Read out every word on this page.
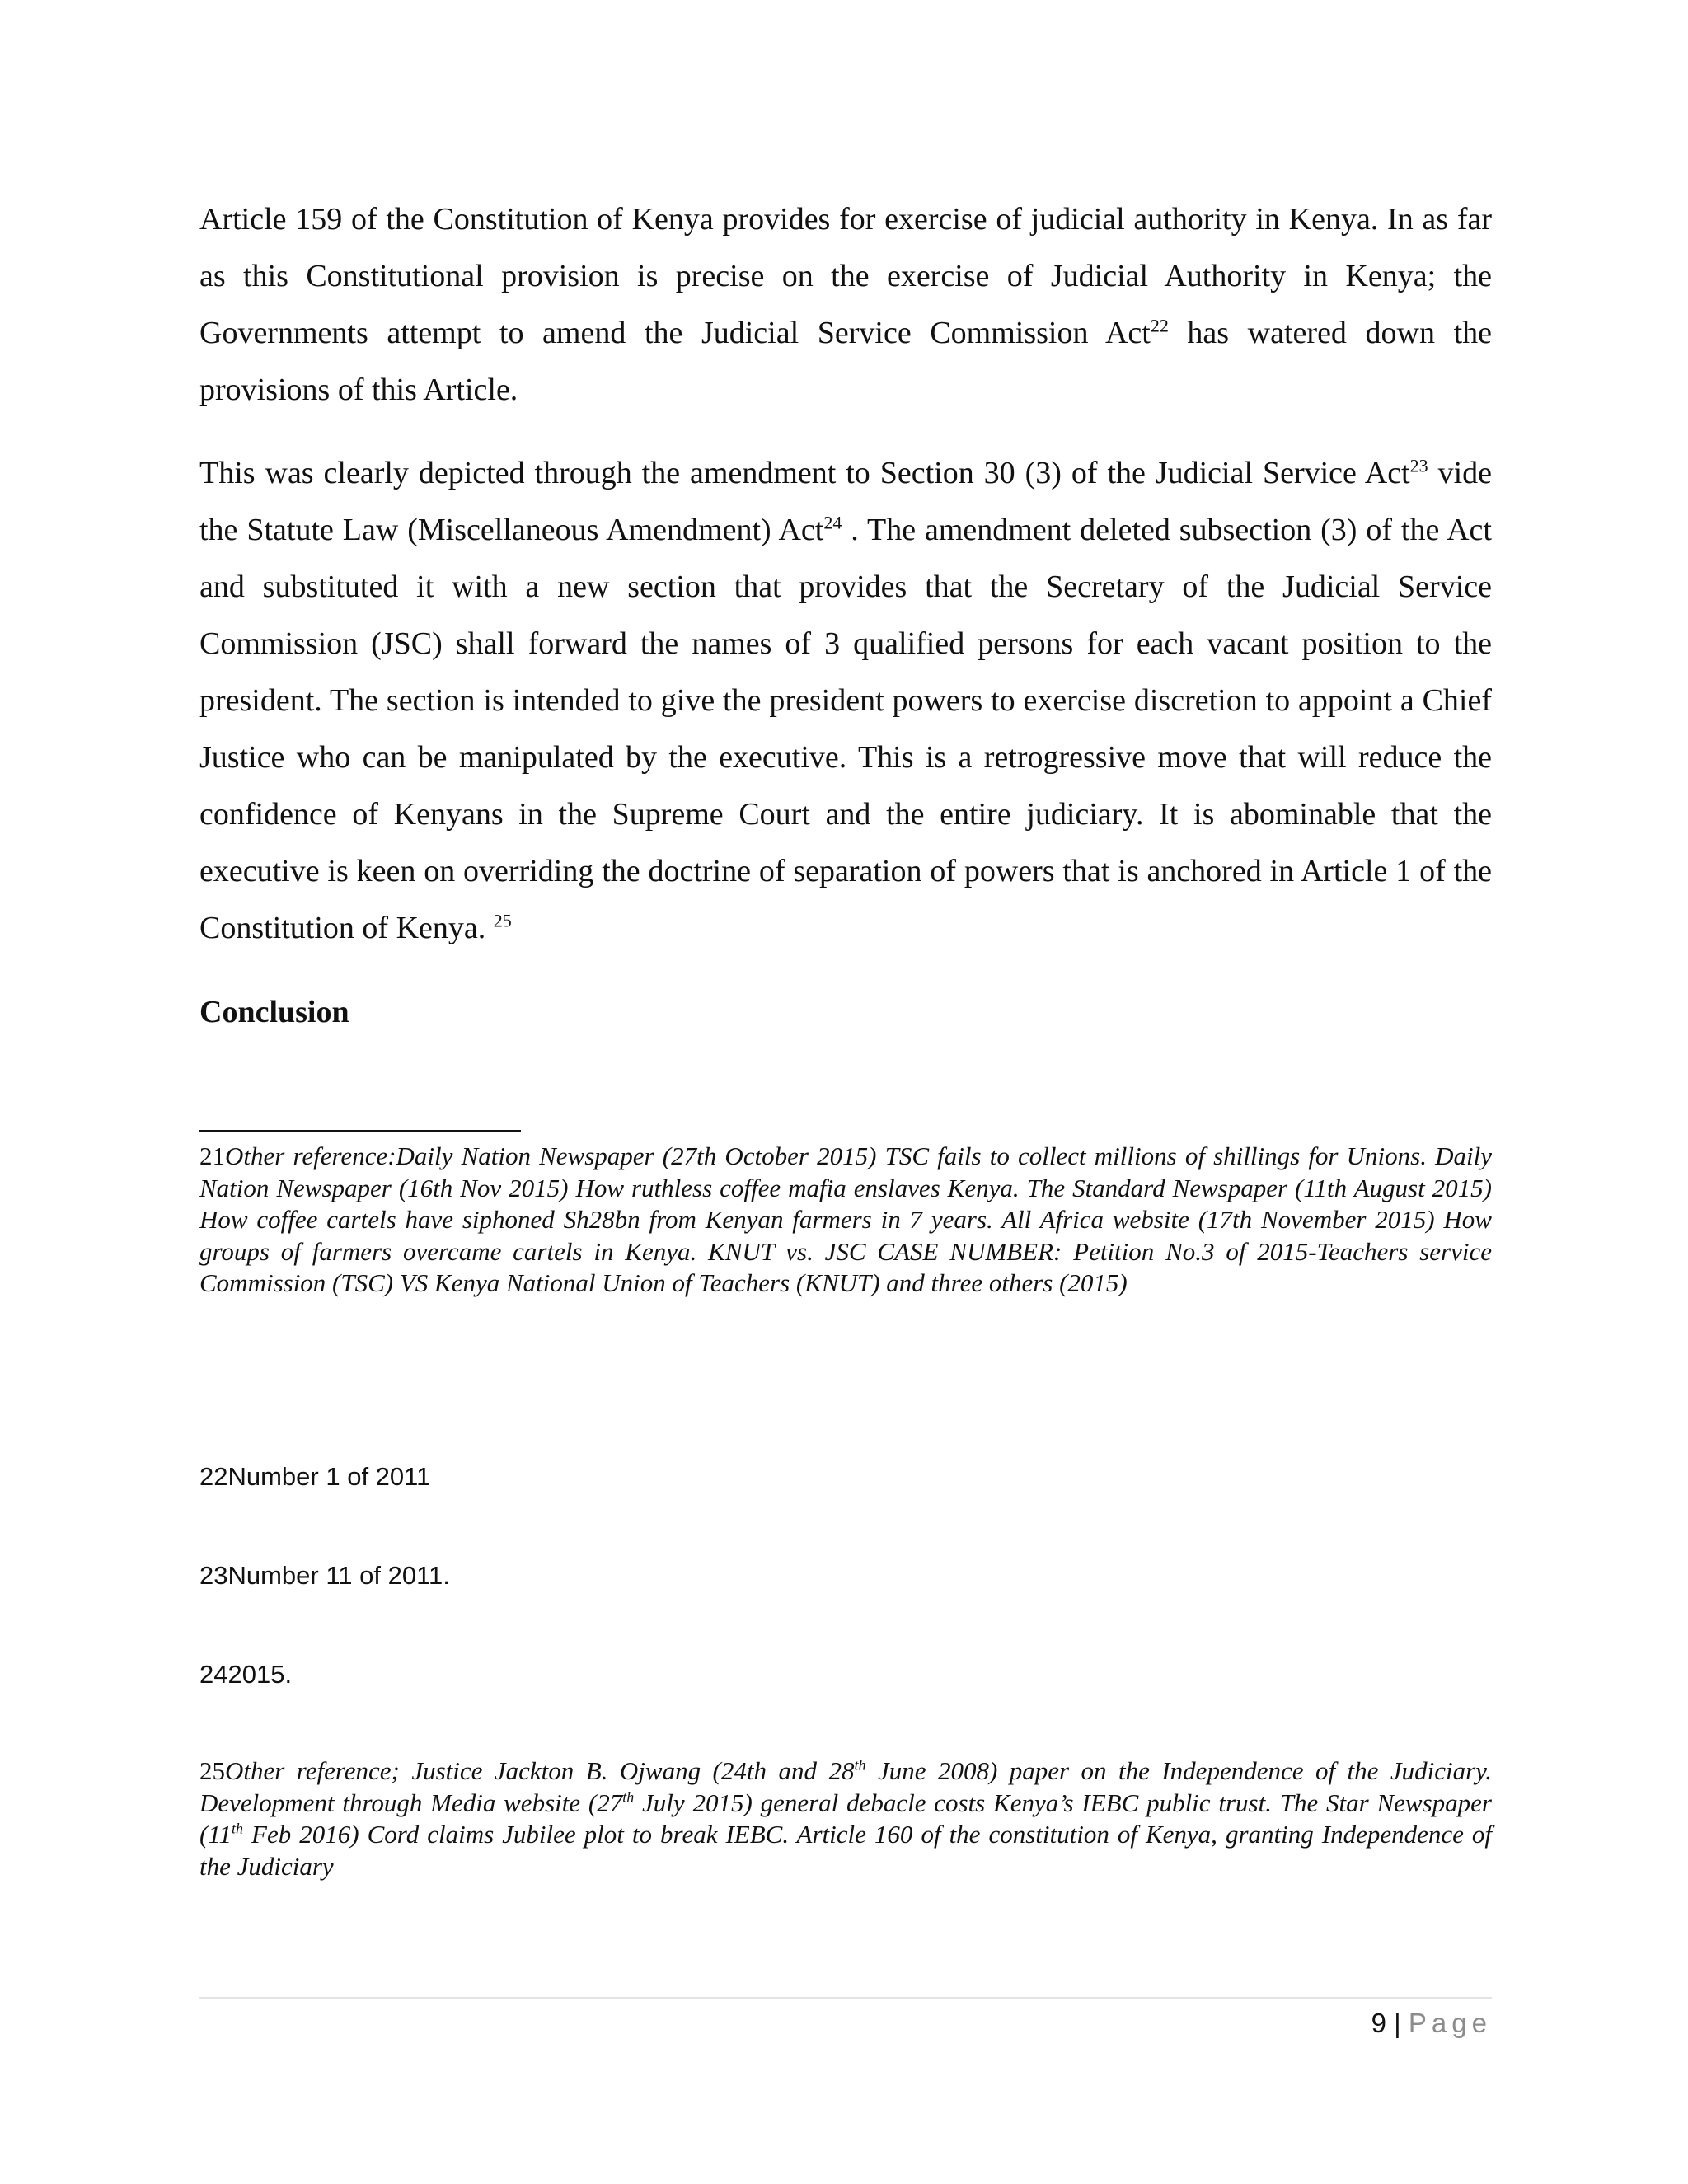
Article 159 of the Constitution of Kenya provides for exercise of judicial authority in Kenya. In as far as this Constitutional provision is precise on the exercise of Judicial Authority in Kenya; the Governments attempt to amend the Judicial Service Commission Act$^{22}$ has watered down the provisions of this Article.

This was clearly depicted through the amendment to Section 30 (3) of the Judicial Service Act$^{23}$ vide the Statute Law (Miscellaneous Amendment) Act$^{24}$ . The amendment deleted subsection (3) of the Act and substituted it with a new section that provides that the Secretary of the Judicial Service Commission (JSC) shall forward the names of 3 qualified persons for each vacant position to the president. The section is intended to give the president powers to exercise discretion to appoint a Chief Justice who can be manipulated by the executive. This is a retrogressive move that will reduce the confidence of Kenyans in the Supreme Court and the entire judiciary. It is abominable that the executive is keen on overriding the doctrine of separation of powers that is anchored in Article 1 of the Constitution of Kenya. $^{25}$

Conclusion

21Other reference:Daily Nation Newspaper (27th October 2015) TSC fails to collect millions of shillings for Unions. Daily Nation Newspaper (16th Nov 2015) How ruthless coffee mafia enslaves Kenya. The Standard Newspaper (11th August 2015) How coffee cartels have siphoned Sh28bn from Kenyan farmers in 7 years. All Africa website (17th November 2015) How groups of farmers overcame cartels in Kenya. KNUT vs. JSC CASE NUMBER: Petition No.3 of 2015-Teachers service Commission (TSC) VS Kenya National Union of Teachers (KNUT) and three others (2015)

22Number 1 of 2011

23Number 11 of 2011.

242015.

25Other reference; Justice Jackton B. Ojwang (24th and 28th June 2008) paper on the Independence of the Judiciary. Development through Media website (27th July 2015) general debacle costs Kenya’s IEBC public trust. The Star Newspaper (11th Feb 2016) Cord claims Jubilee plot to break IEBC. Article 160 of the constitution of Kenya, granting Independence of the Judiciary

9 | Page
